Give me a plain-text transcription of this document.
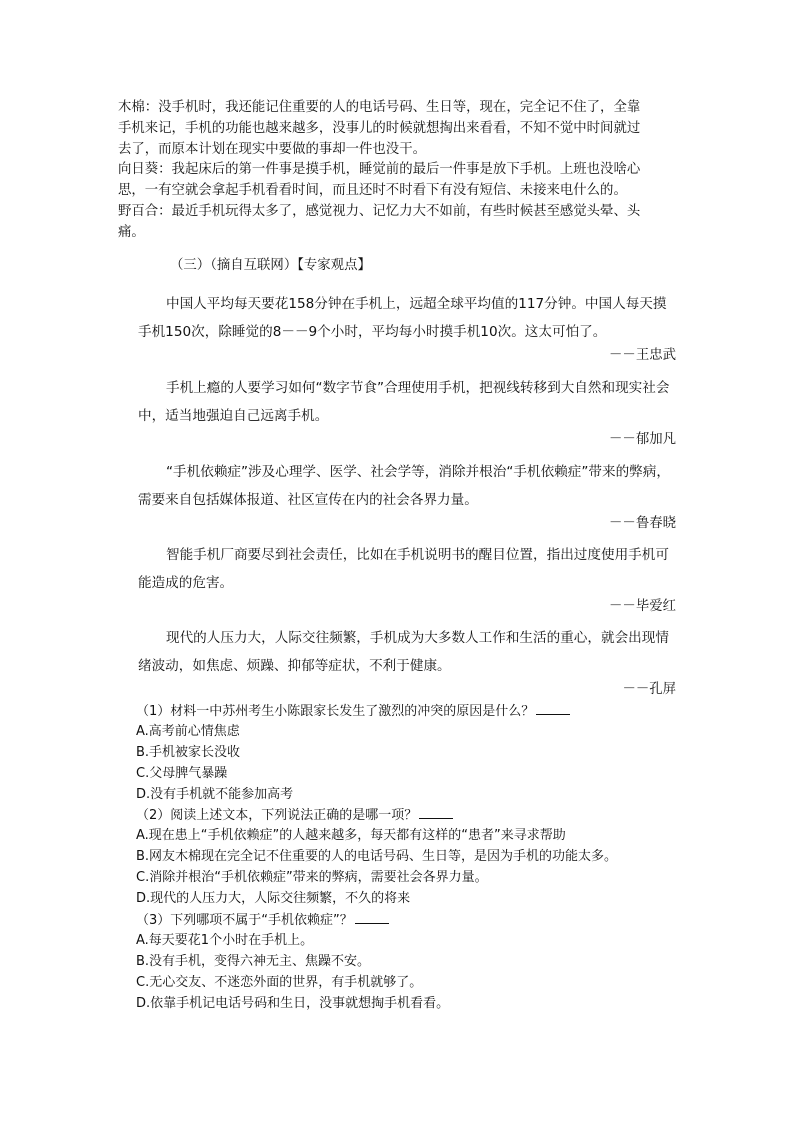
木棉：没手机时，我还能记住重要的人的电话号码、生日等，现在，完全记不住了，全靠
手机来记，手机的功能也越来越多，没事儿的时候就想掏出来看看，不知不觉中时间就过
去了，而原本计划在现实中要做的事却一件也没干。
向日葵：我起床后的第一件事是摸手机，睡觉前的最后一件事是放下手机。上班也没啥心
思，一有空就会拿起手机看看时间，而且还时不时看下有没有短信、未接来电什么的。
野百合：最近手机玩得太多了，感觉视力、记忆力大不如前，有些时候甚至感觉头晕、头
痛。
（三）（摘自互联网）【专家观点】
中国人平均每天要花158分钟在手机上，远超全球平均值的117分钟。中国人每天摸手机150次，除睡觉的8－－9个小时，平均每小时摸手机10次。这太可怕了。
－－王忠武
手机上瘾的人要学习如何“数字节食”合理使用手机，把视线转移到大自然和现实社会中，适当地强迫自己远离手机。
－－郁加凡
“手机依赖症”涉及心理学、医学、社会学等，消除并根治“手机依赖症”带来的弊病，需要来自包括媒体报道、社区宣传在内的社会各界力量。
－－鲁春晓
智能手机厂商要尽到社会责任，比如在手机说明书的醒目位置，指出过度使用手机可能造成的危害。
－－毕爱红
现代的人压力大，人际交往频繁，手机成为大多数人工作和生活的重心，就会出现情绪波动，如焦虑、烦躁、抑郁等症状，不利于健康。
－－孔屏
（1）材料一中苏州考生小陈跟家长发生了激烈的冲突的原因是什么？
A.高考前心情焦虑
B.手机被家长没收
C.父母脾气暴躁
D.没有手机就不能参加高考
（2）阅读上述文本，下列说法正确的是哪一项？
A.现在患上“手机依赖症”的人越来越多，每天都有这样的“患者”来寻求帮助
B.网友木棉现在完全记不住重要的人的电话号码、生日等，是因为手机的功能太多。
C.消除并根治“手机依赖症”带来的弊病，需要社会各界力量。
D.现代的人压力大，人际交往频繁，不久的将来
（3）下列哪项不属于“手机依赖症”？
A.每天要花1个小时在手机上。
B.没有手机，变得六神无主、焦躁不安。
C.无心交友、不迷恋外面的世界，有手机就够了。
D.依靠手机记电话号码和生日，没事就想掏手机看看。
